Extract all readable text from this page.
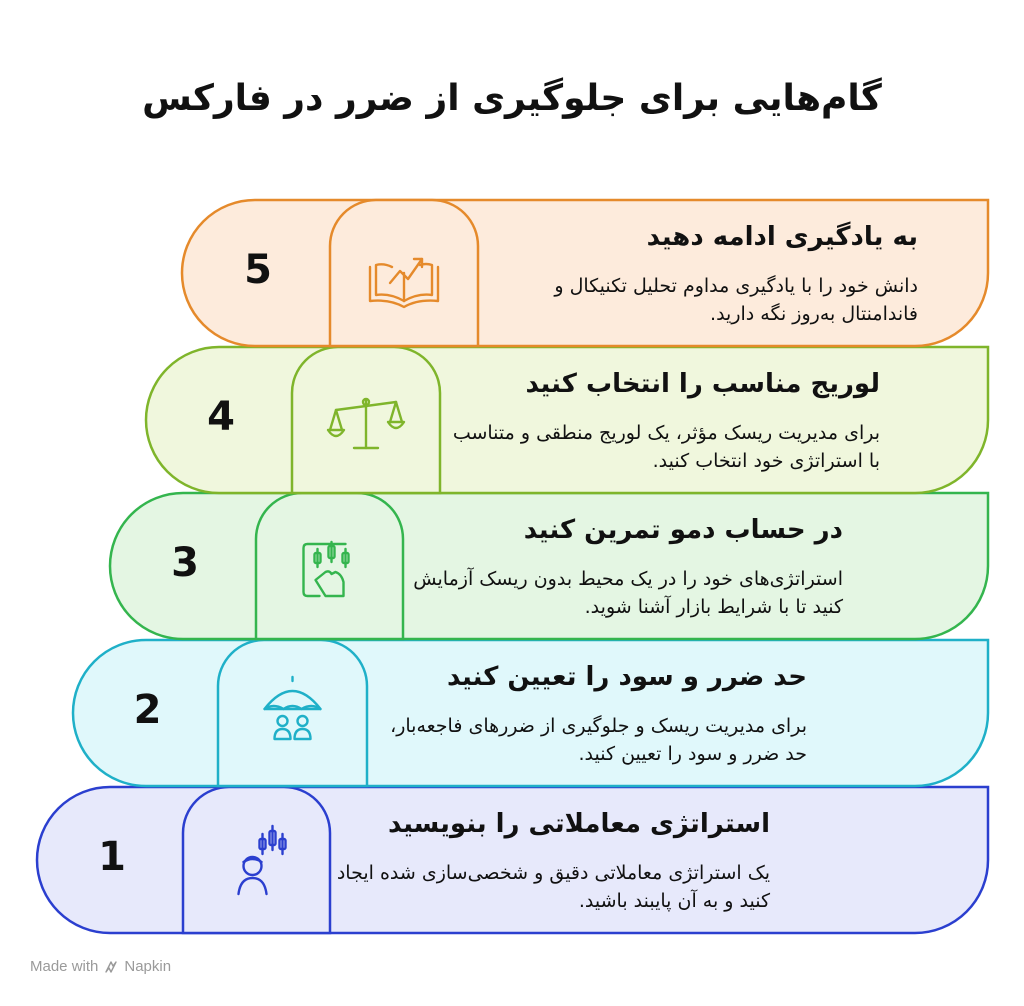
گام‌هایی برای جلوگیری از ضرر در فارکس
1
استراتژی معاملاتی را بنویسید
یک استراتژی معاملاتی دقیق و شخصی‌سازی شده ایجاد کنید و به آن پایبند باشید.
2
حد ضرر و سود را تعیین کنید
برای مدیریت ریسک و جلوگیری از ضررهای فاجعه‌بار، حد ضرر و سود را تعیین کنید.
3
در حساب دمو تمرین کنید
استراتژی‌های خود را در یک محیط بدون ریسک آزمایش کنید تا با شرایط بازار آشنا شوید.
4
لوریج مناسب را انتخاب کنید
برای مدیریت ریسک مؤثر، یک لوریج منطقی و متناسب با استراتژی خود انتخاب کنید.
5
به یادگیری ادامه دهید
دانش خود را با یادگیری مداوم تحلیل تکنیکال و فاندامنتال به‌روز نگه دارید.
Made with Napkin
